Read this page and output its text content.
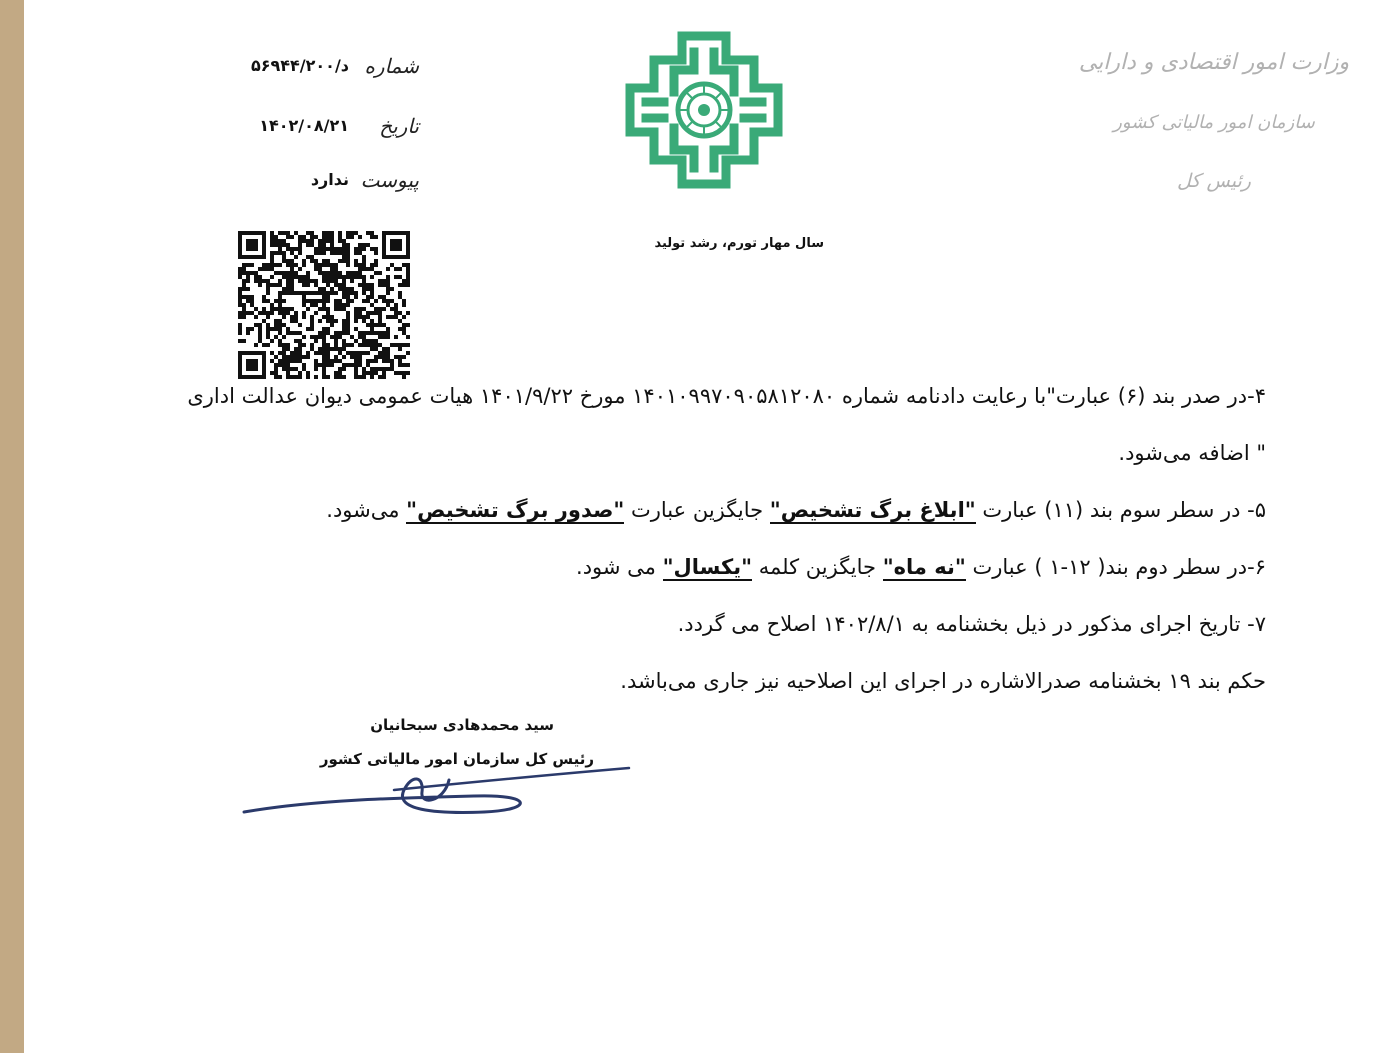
۵۶۹۴۴/۲۰۰/د شماره
۱۴۰۲/۰۸/۲۱ تاریخ
ندارد پیوست
وزارت امور اقتصادی و دارایی
سازمان امور مالیاتی کشور
رئیس کل
سال مهار تورم، رشد تولید

۴-در صدر بند (۶) عبارت"با رعایت دادنامه شماره ۱۴۰۱۰۹۹۷۰۹۰۵۸۱۲۰۸۰ مورخ ۱۴۰۱/۹/۲۲ هیات عمومی دیوان عدالت اداری " اضافه می‌شود.

۵- در سطر سوم بند (۱۱) عبارت "ابلاغ برگ تشخیص" جایگزین عبارت "صدور برگ تشخیص" می‌شود.

۶-در سطر دوم بند( ۱۲-۱ ) عبارت "نه ماه" جایگزین کلمه "یکسال" می شود.

۷- تاریخ اجرای مذکور در ذیل بخشنامه به ۱۴۰۲/۸/۱ اصلاح می گردد.

حکم بند ۱۹ بخشنامه صدرالاشاره در اجرای این اصلاحیه نیز جاری می‌باشد.

سید محمدهادی سبحانیان
رئیس کل سازمان امور مالیاتی کشور
